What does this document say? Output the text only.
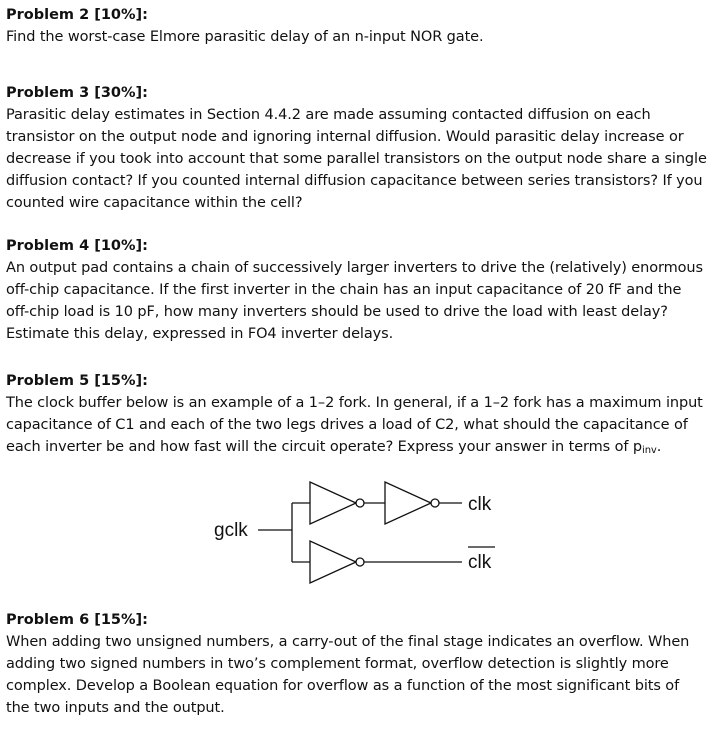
Problem 2 [10%]:

Find the worst-case Elmore parasitic delay of an n-input NOR gate.

Problem 3 [30%]:

Parasitic delay estimates in Section 4.4.2 are made assuming contacted diffusion on each
transistor on the output node and ignoring internal diffusion. Would parasitic delay increase or
decrease if you took into account that some parallel transistors on the output node share a single
diffusion contact? If you counted internal diffusion capacitance between series transistors? If you
counted wire capacitance within the cell?

Problem 4 [10%]:

An output pad contains a chain of successively larger inverters to drive the (relatively) enormous
off-chip capacitance. If the first inverter in the chain has an input capacitance of 20 fF and the
off-chip load is 10 pF, how many inverters should be used to drive the load with least delay?
Estimate this delay, expressed in FO4 inverter delays.

Problem 5 [15%]:

The clock buffer below is an example of a 1–2 fork. In general, if a 1–2 fork has a maximum input
capacitance of C1 and each of the two legs drives a load of C2, what should the capacitance of
each inverter be and how fast will the circuit operate? Express your answer in terms of pinv.

gclk
clk
clk

Problem 6 [15%]:

When adding two unsigned numbers, a carry-out of the final stage indicates an overflow. When
adding two signed numbers in two’s complement format, overflow detection is slightly more
complex. Develop a Boolean equation for overflow as a function of the most significant bits of
the two inputs and the output.
